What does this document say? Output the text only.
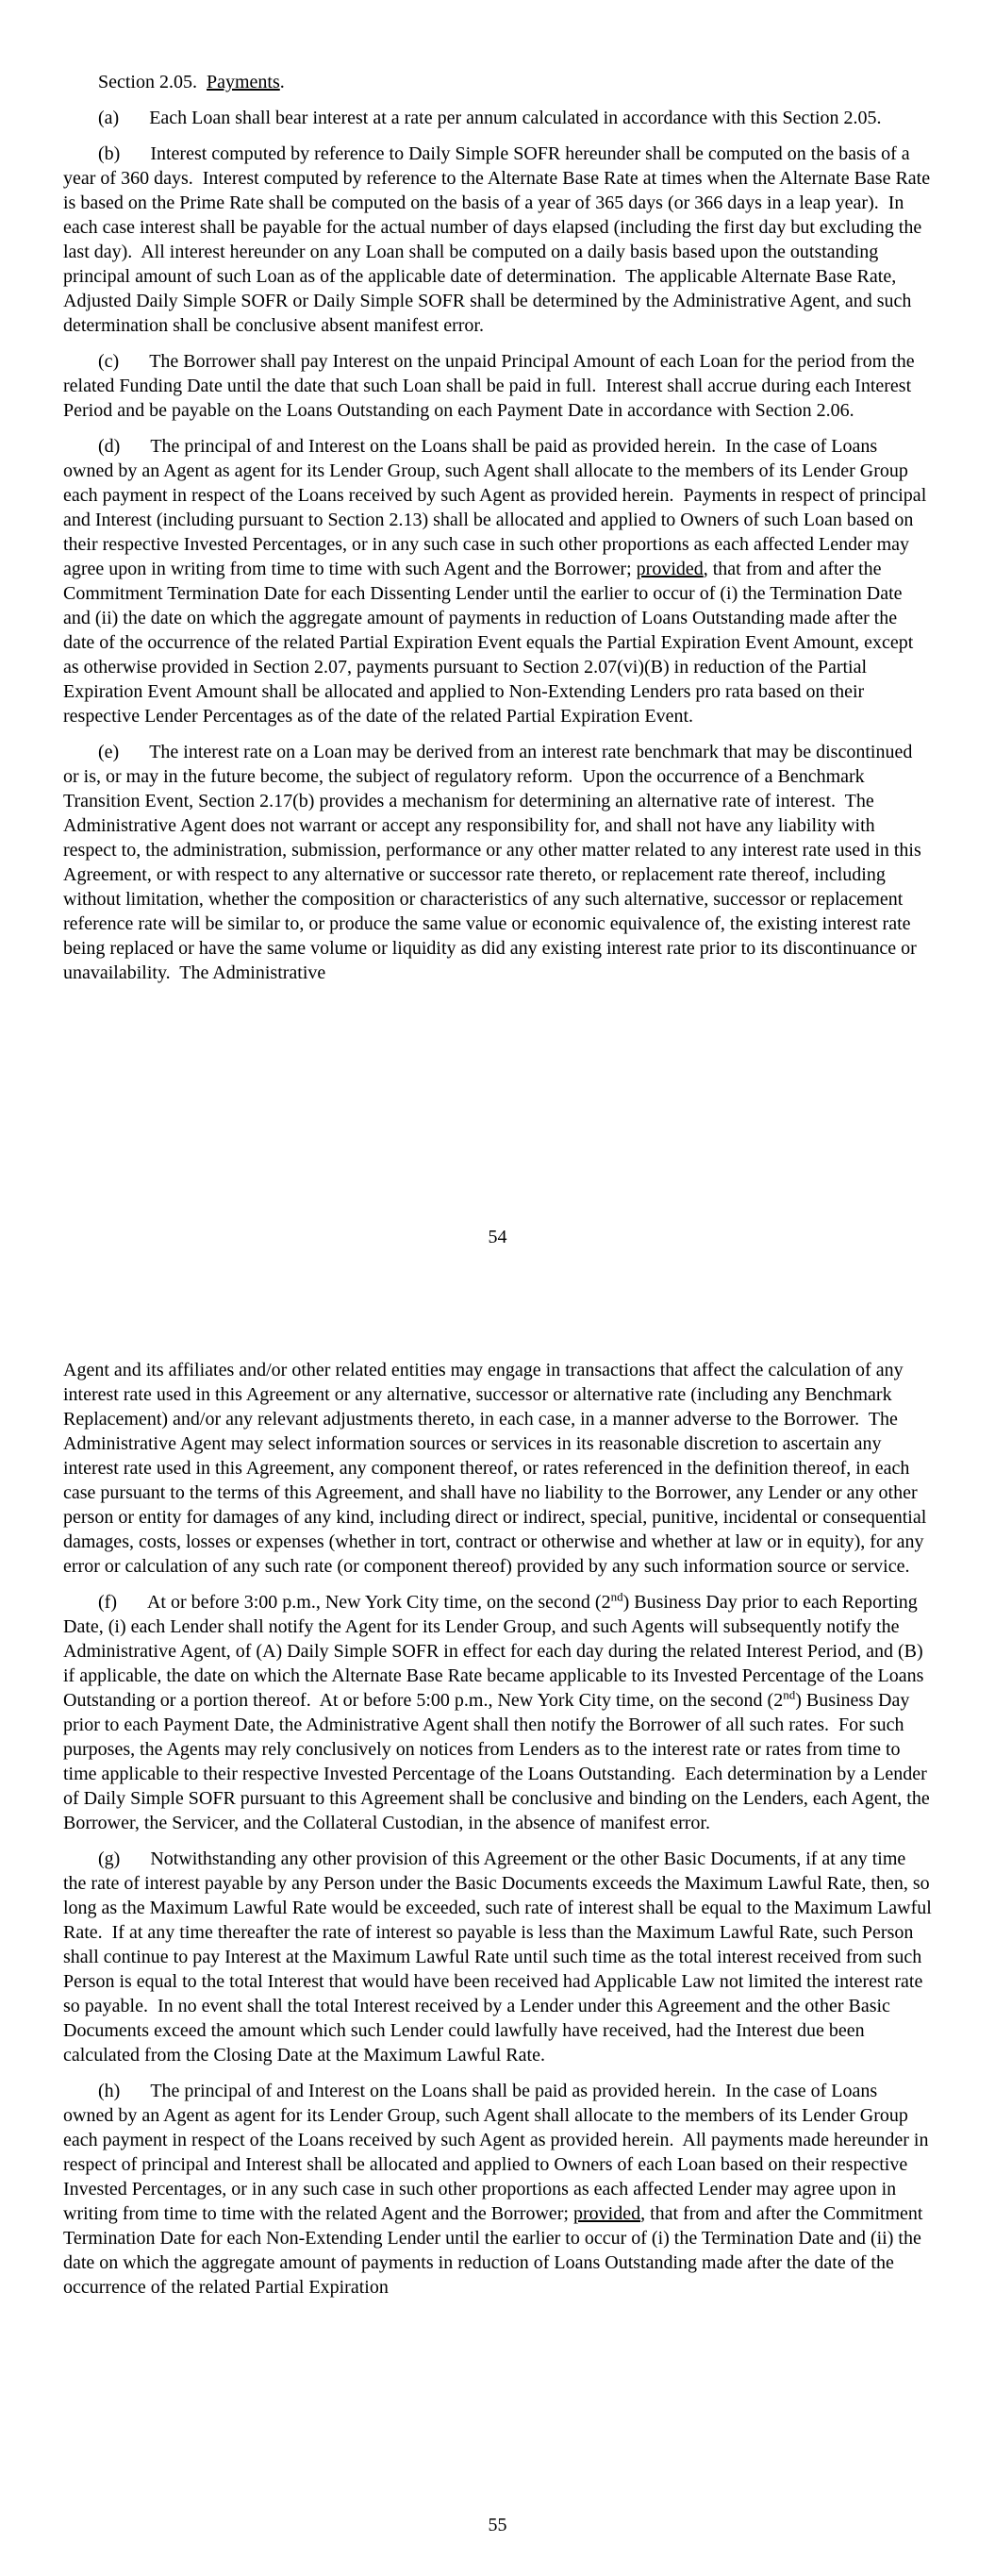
Section 2.05.  Payments.

(a) Each Loan shall bear interest at a rate per annum calculated in accordance with this Section 2.05.

(b) Interest computed by reference to Daily Simple SOFR hereunder shall be computed on the basis of a year of 360 days.  Interest computed by reference to the Alternate Base Rate at times when the Alternate Base Rate is based on the Prime Rate shall be computed on the basis of a year of 365 days (or 366 days in a leap year).  In each case interest shall be payable for the actual number of days elapsed (including the first day but excluding the last day).  All interest hereunder on any Loan shall be computed on a daily basis based upon the outstanding principal amount of such Loan as of the applicable date of determination.  The applicable Alternate Base Rate, Adjusted Daily Simple SOFR or Daily Simple SOFR shall be determined by the Administrative Agent, and such determination shall be conclusive absent manifest error.

(c) The Borrower shall pay Interest on the unpaid Principal Amount of each Loan for the period from the related Funding Date until the date that such Loan shall be paid in full.  Interest shall accrue during each Interest Period and be payable on the Loans Outstanding on each Payment Date in accordance with Section 2.06.

(d) The principal of and Interest on the Loans shall be paid as provided herein.  In the case of Loans owned by an Agent as agent for its Lender Group, such Agent shall allocate to the members of its Lender Group each payment in respect of the Loans received by such Agent as provided herein.  Payments in respect of principal and Interest (including pursuant to Section 2.13) shall be allocated and applied to Owners of such Loan based on their respective Invested Percentages, or in any such case in such other proportions as each affected Lender may agree upon in writing from time to time with such Agent and the Borrower; provided, that from and after the Commitment Termination Date for each Dissenting Lender until the earlier to occur of (i) the Termination Date and (ii) the date on which the aggregate amount of payments in reduction of Loans Outstanding made after the date of the occurrence of the related Partial Expiration Event equals the Partial Expiration Event Amount, except as otherwise provided in Section 2.07, payments pursuant to Section 2.07(vi)(B) in reduction of the Partial Expiration Event Amount shall be allocated and applied to Non-Extending Lenders pro rata based on their respective Lender Percentages as of the date of the related Partial Expiration Event.

(e) The interest rate on a Loan may be derived from an interest rate benchmark that may be discontinued or is, or may in the future become, the subject of regulatory reform.  Upon the occurrence of a Benchmark Transition Event, Section 2.17(b) provides a mechanism for determining an alternative rate of interest.  The Administrative Agent does not warrant or accept any responsibility for, and shall not have any liability with respect to, the administration, submission, performance or any other matter related to any interest rate used in this Agreement, or with respect to any alternative or successor rate thereto, or replacement rate thereof, including without limitation, whether the composition or characteristics of any such alternative, successor or replacement reference rate will be similar to, or produce the same value or economic equivalence of, the existing interest rate being replaced or have the same volume or liquidity as did any existing interest rate prior to its discontinuance or unavailability.  The Administrative

54

Agent and its affiliates and/or other related entities may engage in transactions that affect the calculation of any interest rate used in this Agreement or any alternative, successor or alternative rate (including any Benchmark Replacement) and/or any relevant adjustments thereto, in each case, in a manner adverse to the Borrower.  The Administrative Agent may select information sources or services in its reasonable discretion to ascertain any interest rate used in this Agreement, any component thereof, or rates referenced in the definition thereof, in each case pursuant to the terms of this Agreement, and shall have no liability to the Borrower, any Lender or any other person or entity for damages of any kind, including direct or indirect, special, punitive, incidental or consequential damages, costs, losses or expenses (whether in tort, contract or otherwise and whether at law or in equity), for any error or calculation of any such rate (or component thereof) provided by any such information source or service.

(f) At or before 3:00 p.m., New York City time, on the second (2nd) Business Day prior to each Reporting Date, (i) each Lender shall notify the Agent for its Lender Group, and such Agents will subsequently notify the Administrative Agent, of (A) Daily Simple SOFR in effect for each day during the related Interest Period, and (B) if applicable, the date on which the Alternate Base Rate became applicable to its Invested Percentage of the Loans Outstanding or a portion thereof.  At or before 5:00 p.m., New York City time, on the second (2nd) Business Day prior to each Payment Date, the Administrative Agent shall then notify the Borrower of all such rates.  For such purposes, the Agents may rely conclusively on notices from Lenders as to the interest rate or rates from time to time applicable to their respective Invested Percentage of the Loans Outstanding.  Each determination by a Lender of Daily Simple SOFR pursuant to this Agreement shall be conclusive and binding on the Lenders, each Agent, the Borrower, the Servicer, and the Collateral Custodian, in the absence of manifest error.

(g) Notwithstanding any other provision of this Agreement or the other Basic Documents, if at any time the rate of interest payable by any Person under the Basic Documents exceeds the Maximum Lawful Rate, then, so long as the Maximum Lawful Rate would be exceeded, such rate of interest shall be equal to the Maximum Lawful Rate.  If at any time thereafter the rate of interest so payable is less than the Maximum Lawful Rate, such Person shall continue to pay Interest at the Maximum Lawful Rate until such time as the total interest received from such Person is equal to the total Interest that would have been received had Applicable Law not limited the interest rate so payable.  In no event shall the total Interest received by a Lender under this Agreement and the other Basic Documents exceed the amount which such Lender could lawfully have received, had the Interest due been calculated from the Closing Date at the Maximum Lawful Rate.

(h) The principal of and Interest on the Loans shall be paid as provided herein.  In the case of Loans owned by an Agent as agent for its Lender Group, such Agent shall allocate to the members of its Lender Group each payment in respect of the Loans received by such Agent as provided herein.  All payments made hereunder in respect of principal and Interest shall be allocated and applied to Owners of each Loan based on their respective Invested Percentages, or in any such case in such other proportions as each affected Lender may agree upon in writing from time to time with the related Agent and the Borrower; provided, that from and after the Commitment Termination Date for each Non-Extending Lender until the earlier to occur of (i) the Termination Date and (ii) the date on which the aggregate amount of payments in reduction of Loans Outstanding made after the date of the occurrence of the related Partial Expiration

55
